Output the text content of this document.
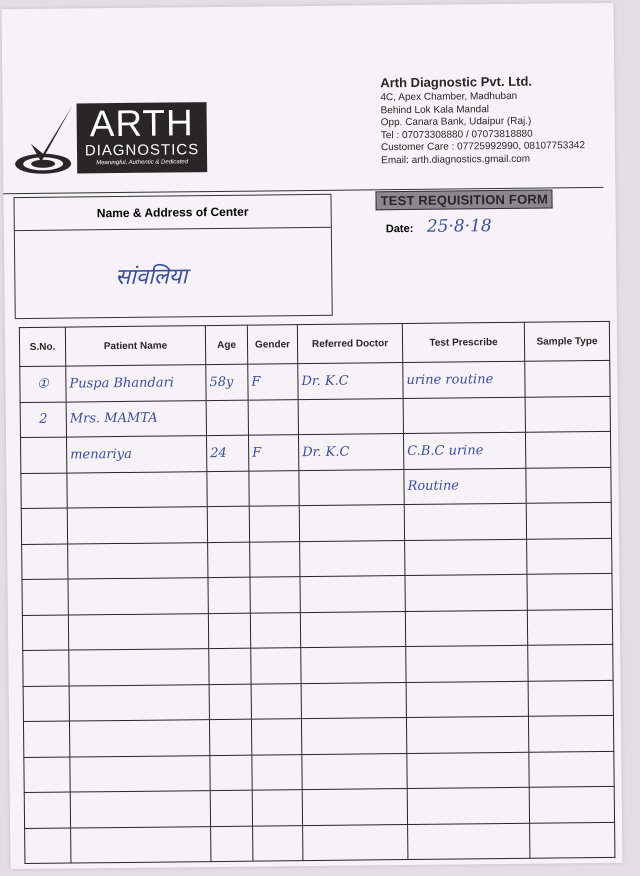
ARTH
DIAGNOSTICS
Meaningful, Authentic & Dedicated
Arth Diagnostic Pvt. Ltd.
4C, Apex Chamber, Madhuban
Behind Lok Kala Mandal
Opp. Canara Bank, Udaipur (Raj.)
Tel : 07073308880 / 07073818880
Customer Care : 07725992990, 08107753342
Email: arth.diagnostics.gmail.com
Name & Address of Center
सांवलिया
TEST REQUISITION FORM
Date: 25·8·18
S.No.	Patient Name	Age	Gender	Referred Doctor	Test Prescribe	Sample Type
①	Puspa Bhandari	58y	F	Dr. K.C	urine routine	
2	Mrs. MAMTA					
	menariya	24	F	Dr. K.C	C.B.C urine	
					Routine	
